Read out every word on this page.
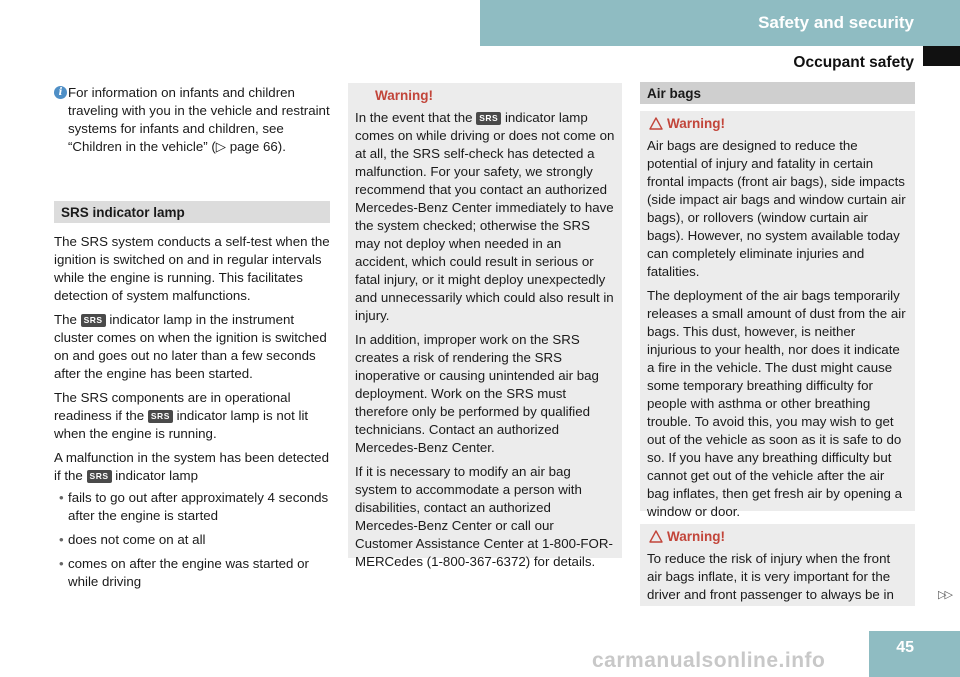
Safety and security
Occupant safety
i For information on infants and children traveling with you in the vehicle and restraint systems for infants and children, see “Children in the vehicle” (▷ page 66).

SRS indicator lamp

The SRS system conducts a self-test when the ignition is switched on and in regular intervals while the engine is running. This facilitates detection of system malfunctions.

The SRS indicator lamp in the instrument cluster comes on when the ignition is switched on and goes out no later than a few seconds after the engine has been started.

The SRS components are in operational readiness if the SRS indicator lamp is not lit when the engine is running.

A malfunction in the system has been detected if the SRS indicator lamp

• fails to go out after approximately 4 seconds after the engine is started
• does not come on at all
• comes on after the engine was started or while driving
Warning!

In the event that the SRS indicator lamp comes on while driving or does not come on at all, the SRS self-check has detected a malfunction. For your safety, we strongly recommend that you contact an authorized Mercedes-Benz Center immediately to have the system checked; otherwise the SRS may not deploy when needed in an accident, which could result in serious or fatal injury, or it might deploy unexpectedly and unnecessarily which could also result in injury.

In addition, improper work on the SRS creates a risk of rendering the SRS inoperative or causing unintended air bag deployment. Work on the SRS must therefore only be performed by qualified technicians. Contact an authorized Mercedes-Benz Center.

If it is necessary to modify an air bag system to accommodate a person with disabilities, contact an authorized Mercedes-Benz Center or call our Customer Assistance Center at 1-800-FOR-MERCedes (1-800-367-6372) for details.

Air bags
Warning!

Air bags are designed to reduce the potential of injury and fatality in certain frontal impacts (front air bags), side impacts (side impact air bags and window curtain air bags), or rollovers (window curtain air bags). However, no system available today can completely eliminate injuries and fatalities.

The deployment of the air bags temporarily releases a small amount of dust from the air bags. This dust, however, is neither injurious to your health, nor does it indicate a fire in the vehicle. The dust might cause some temporary breathing difficulty for people with asthma or other breathing trouble. To avoid this, you may wish to get out of the vehicle as soon as it is safe to do so. If you have any breathing difficulty but cannot get out of the vehicle after the air bag inflates, then get fresh air by opening a window or door.

Warning!

To reduce the risk of injury when the front air bags inflate, it is very important for the driver and front passenger to always be in	▷▷
45
carmanualsonline.info
